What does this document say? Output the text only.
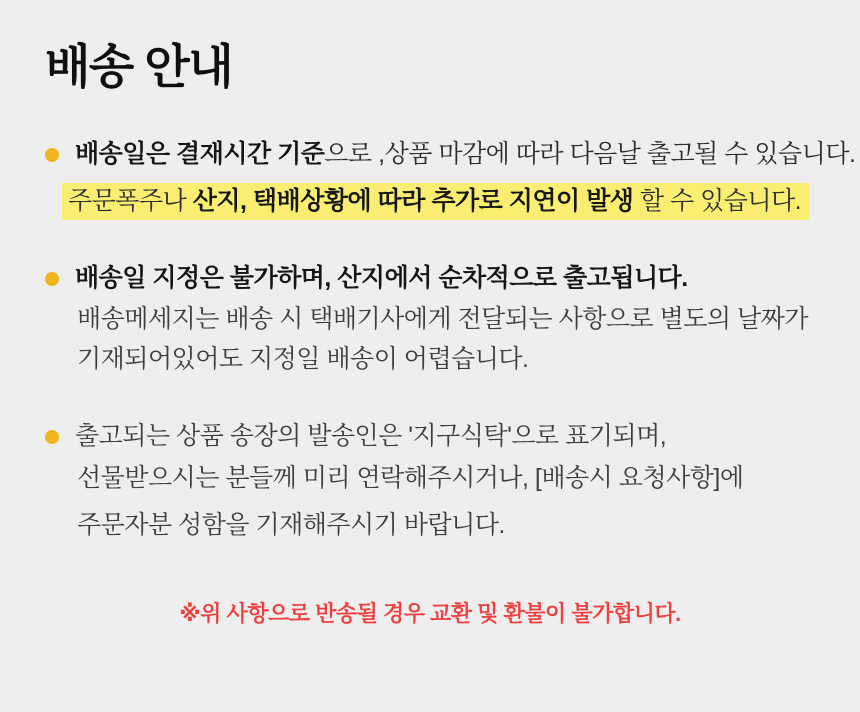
배송 안내
배송일은 결재시간 기준으로 ,상품 마감에 따라 다음날 출고될 수 있습니다.
주문폭주나 산지, 택배상황에 따라 추가로 지연이 발생 할 수 있습니다.
배송일 지정은 불가하며, 산지에서 순차적으로 출고됩니다.
배송메세지는 배송 시 택배기사에게 전달되는 사항으로 별도의 날짜가
기재되어있어도 지정일 배송이 어렵습니다.
출고되는 상품 송장의 발송인은 '지구식탁'으로 표기되며,
선물받으시는 분들께 미리 연락해주시거나, [배송시 요청사항]에
주문자분 성함을 기재해주시기 바랍니다.
※위 사항으로 반송될 경우 교환 및 환불이 불가합니다.
